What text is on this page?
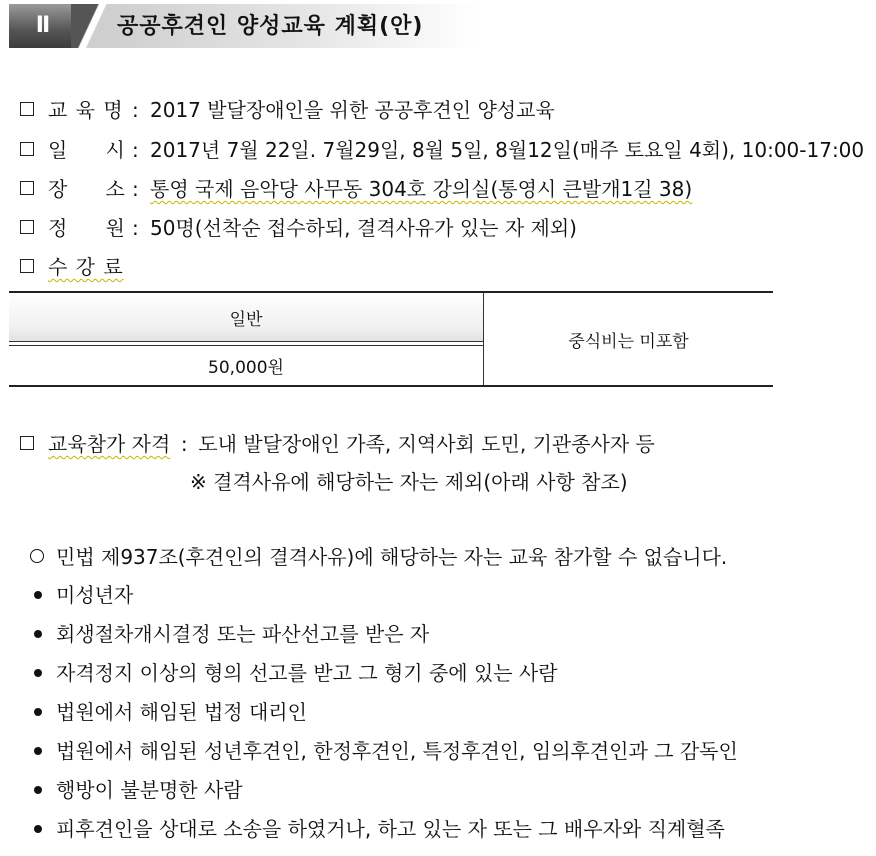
Ⅱ	공공후견인 양성교육 계획(안)
교 육 명 : 2017 발달장애인을 위한 공공후견인 양성교육
일      시 : 2017년 7월 22일. 7월29일, 8월 5일, 8월12일(매주 토요일 4회), 10:00-17:00
장      소 : 통영 국제 음악당 사무동 304호 강의실(통영시 큰발개1길 38)
정      원 : 50명(선착순 접수하되, 결격사유가 있는 자 제외)
수 강 료
일반
50,000원
중식비는 미포함
교육참가 자격 : 도내 발달장애인 가족, 지역사회 도민, 기관종사자 등
※ 결격사유에 해당하는 자는 제외(아래 사항 참조)
민법 제937조(후견인의 결격사유)에 해당하는 자는 교육 참가할 수 없습니다.
미성년자
회생절차개시결정 또는 파산선고를 받은 자
자격정지 이상의 형의 선고를 받고 그 형기 중에 있는 사람
법원에서 해임된 법정 대리인
법원에서 해임된 성년후견인, 한정후견인, 특정후견인, 임의후견인과 그 감독인
행방이 불분명한 사람
피후견인을 상대로 소송을 하였거나, 하고 있는 자 또는 그 배우자와 직계혈족
